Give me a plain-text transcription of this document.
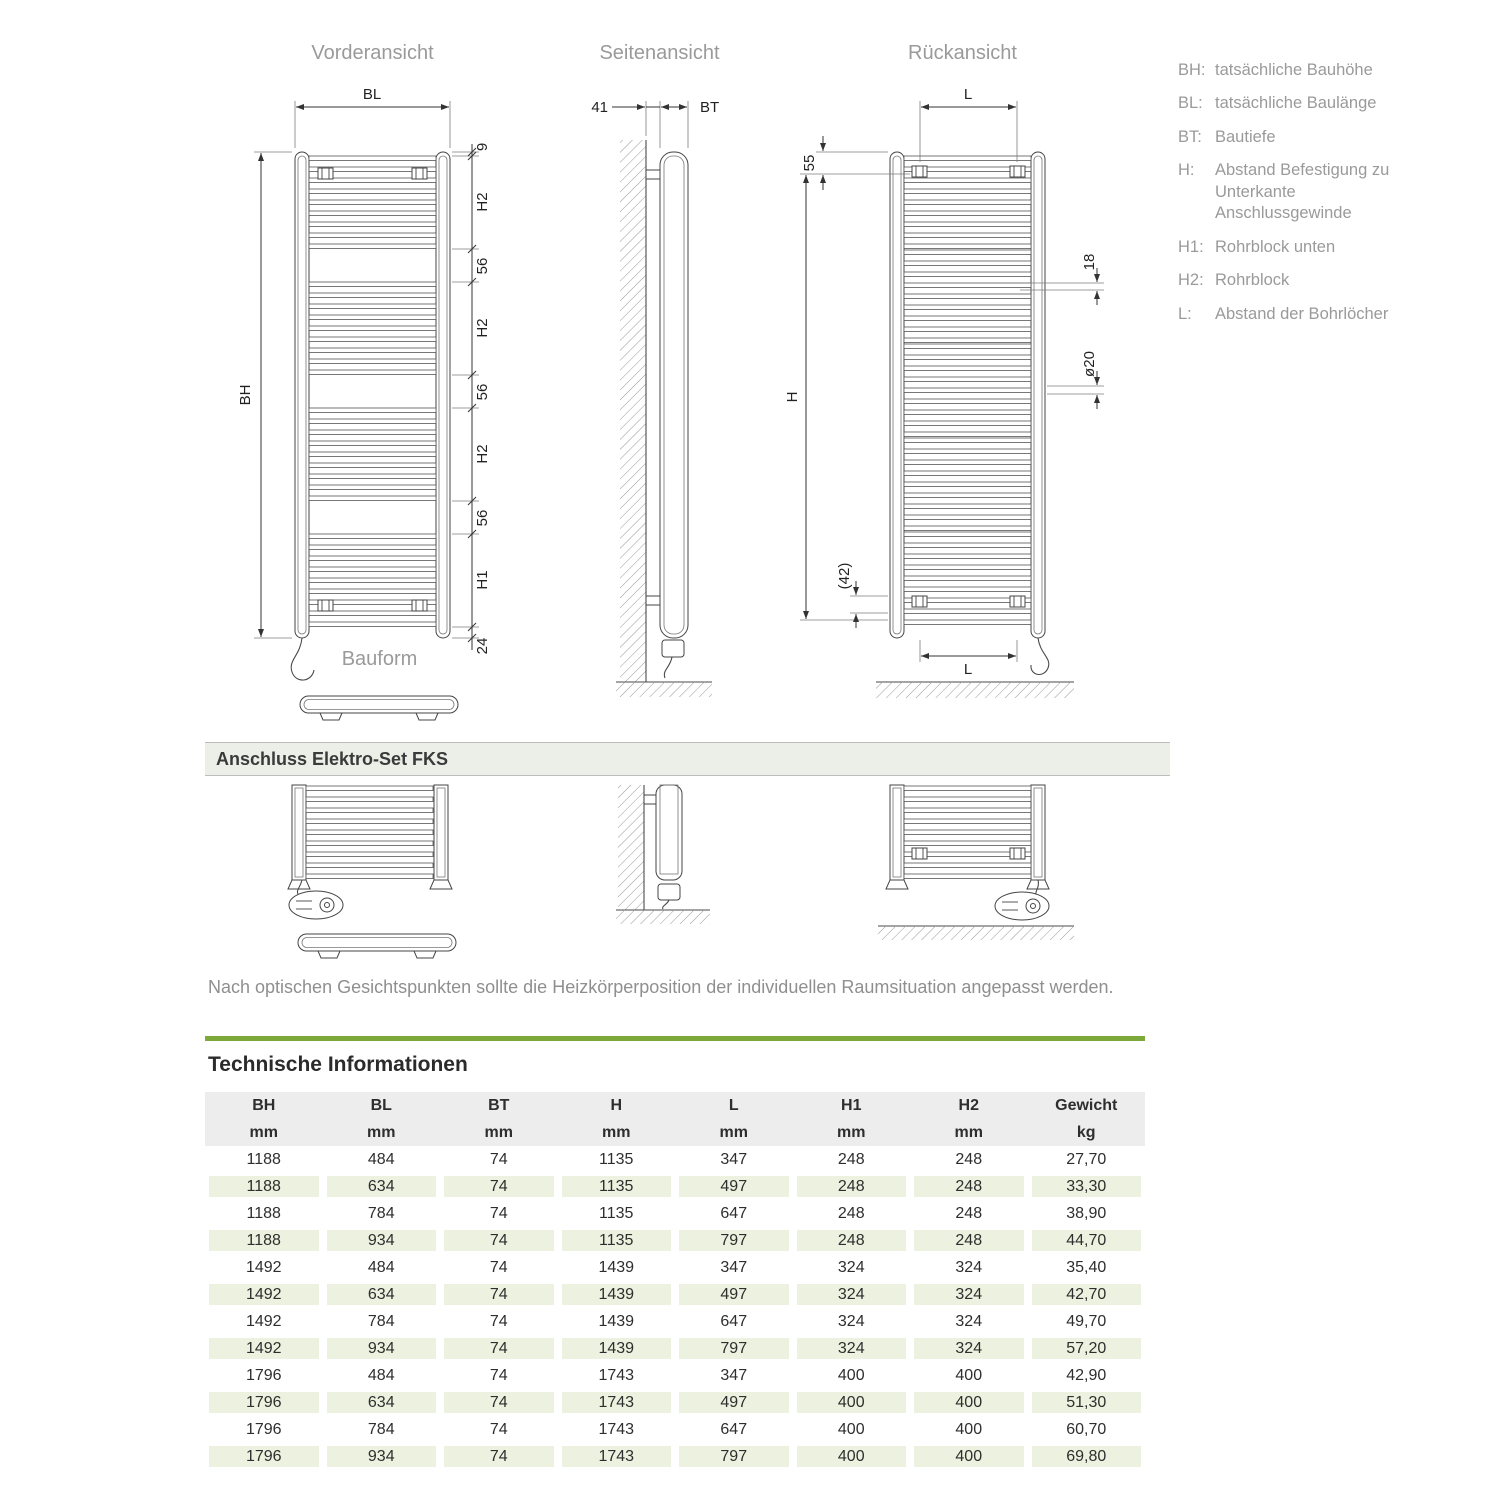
BL
BH
9
H2
56
H2
56
H2
56
H1
24
41	BT
L
55
H
18
ø20
(42)
L
Vorderansicht	Seitenansicht	Rückansicht
Bauform
BH: tatsächliche Bauhöhe
BL: tatsächliche Baulänge
BT: Bautiefe
H:	Abstand Befestigung zu Unterkante Anschlussgewinde
H1: Rohrblock unten
H2: Rohrblock
L:	Abstand der Bohrlöcher
Anschluss Elektro-Set FKS
Nach optischen Gesichtspunkten sollte die Heizkörperposition der individuellen Raumsituation angepasst werden.
Technische Informationen
BH	BL	BT	H	L	H1	H2	Gewicht
mm	mm	mm	mm	mm	mm	mm	kg
1188	484	74	1135	347	248	248	27,70
1188	634	74	1135	497	248	248	33,30
1188	784	74	1135	647	248	248	38,90
1188	934	74	1135	797	248	248	44,70
1492	484	74	1439	347	324	324	35,40
1492	634	74	1439	497	324	324	42,70
1492	784	74	1439	647	324	324	49,70
1492	934	74	1439	797	324	324	57,20
1796	484	74	1743	347	400	400	42,90
1796	634	74	1743	497	400	400	51,30
1796	784	74	1743	647	400	400	60,70
1796	934	74	1743	797	400	400	69,80
